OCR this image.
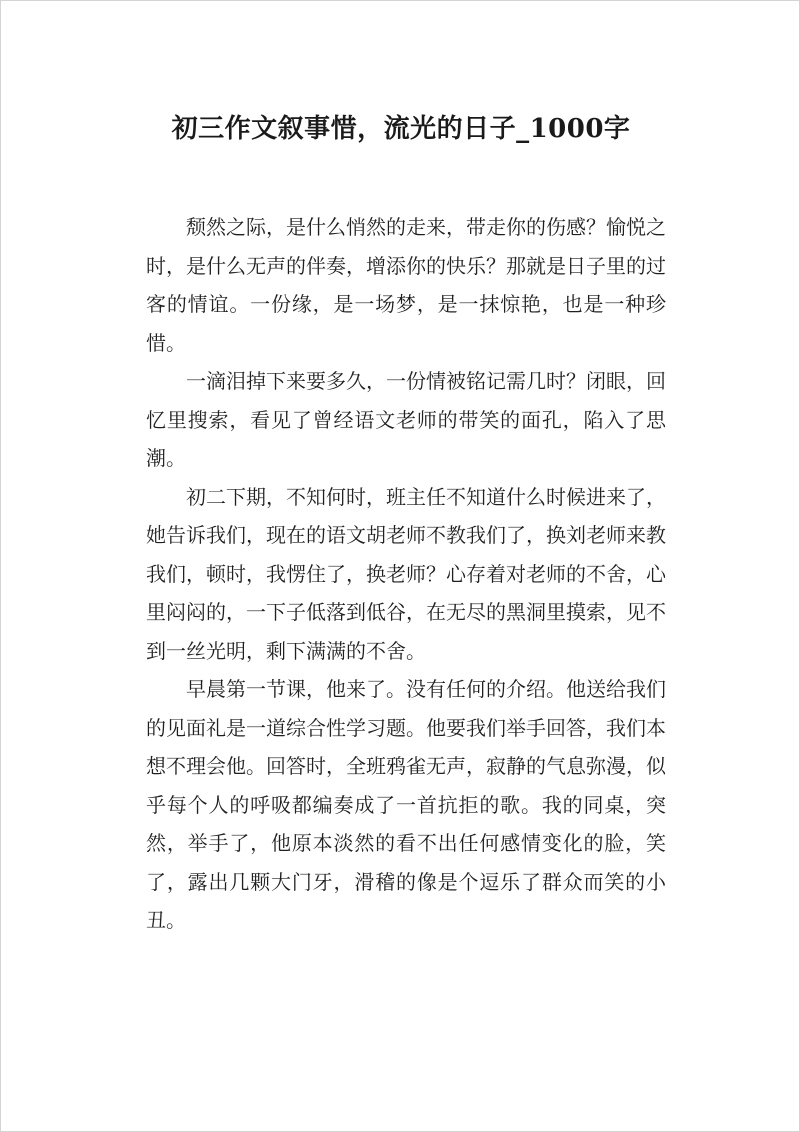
初三作文叙事惜，流光的日子_1000字

颓然之际，是什么悄然的走来，带走你的伤感？愉悦之时，是什么无声的伴奏，增添你的快乐？那就是日子里的过客的情谊。一份缘，是一场梦，是一抹惊艳，也是一种珍惜。

一滴泪掉下来要多久，一份情被铭记需几时？闭眼，回忆里搜索，看见了曾经语文老师的带笑的面孔，陷入了思潮。

初二下期，不知何时，班主任不知道什么时候进来了，她告诉我们，现在的语文胡老师不教我们了，换刘老师来教我们，顿时，我愣住了，换老师？心存着对老师的不舍，心里闷闷的，一下子低落到低谷，在无尽的黑洞里摸索，见不到一丝光明，剩下满满的不舍。

早晨第一节课，他来了。没有任何的介绍。他送给我们的见面礼是一道综合性学习题。他要我们举手回答，我们本想不理会他。回答时，全班鸦雀无声，寂静的气息弥漫，似乎每个人的呼吸都编奏成了一首抗拒的歌。我的同桌，突然，举手了，他原本淡然的看不出任何感情变化的脸，笑了，露出几颗大门牙，滑稽的像是个逗乐了群众而笑的小丑。
